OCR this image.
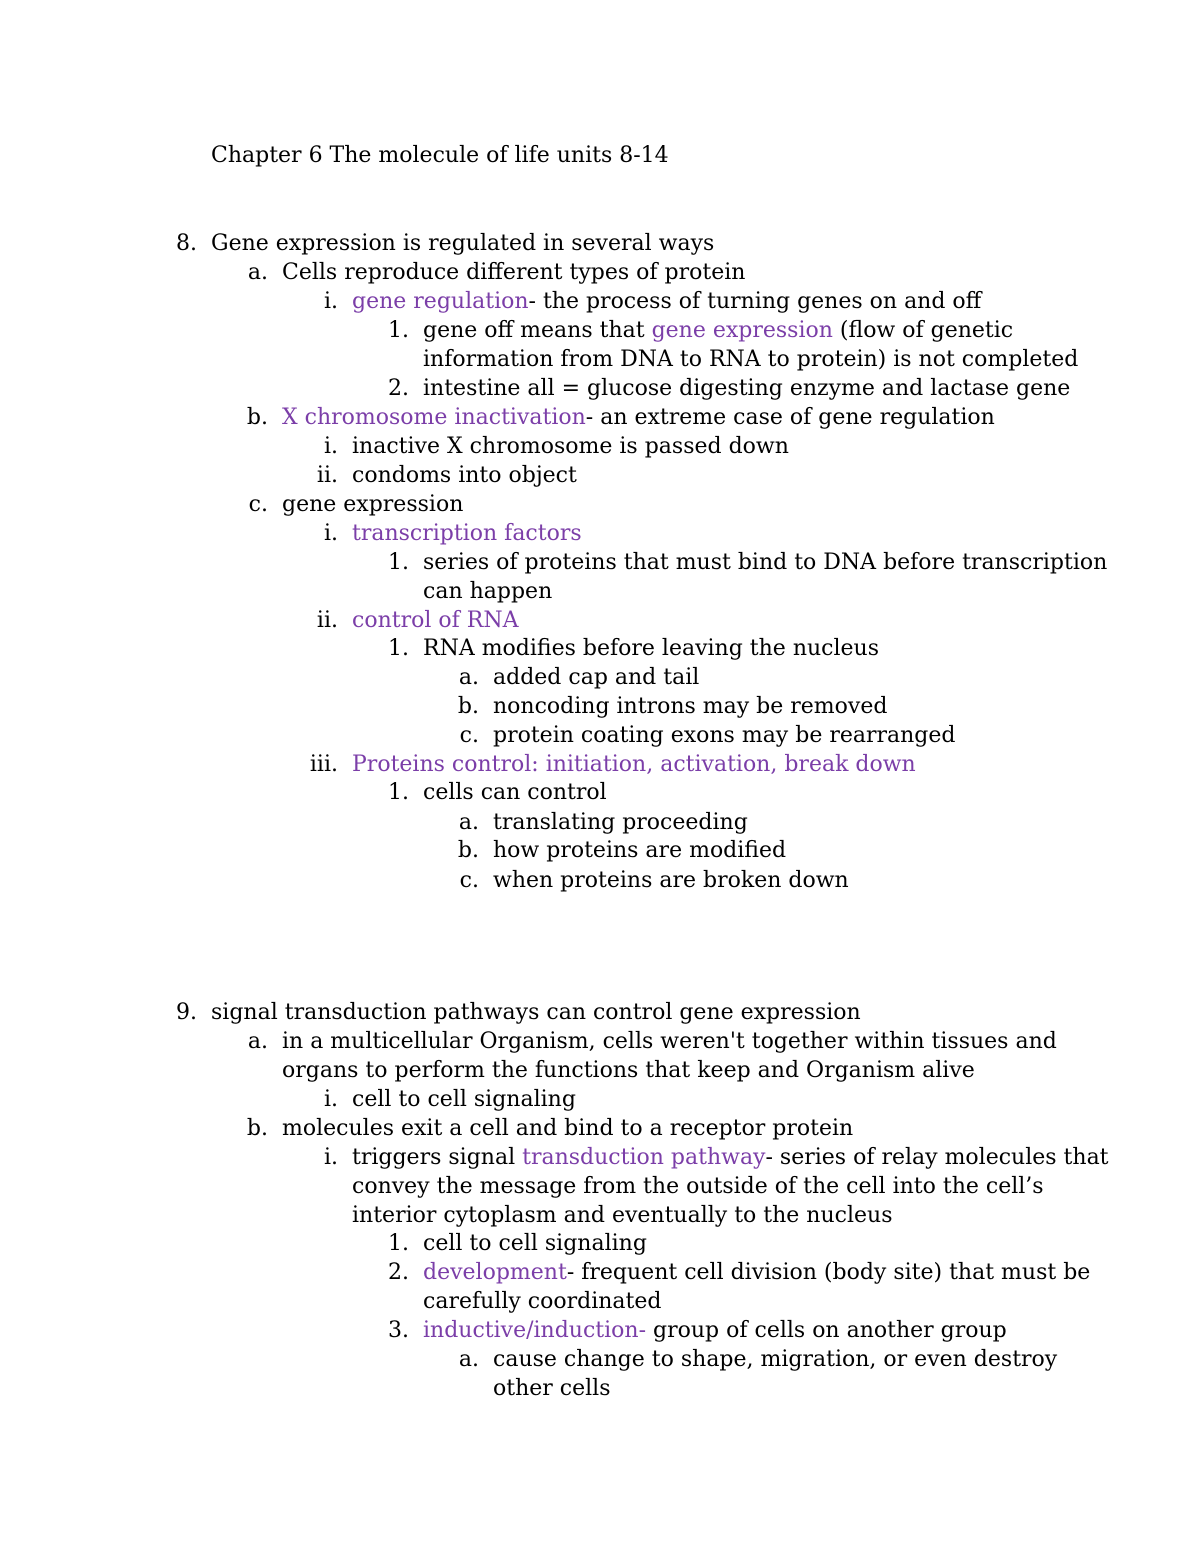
Chapter 6 The molecule of life units 8-14
8. Gene expression is regulated in several ways
a. Cells reproduce different types of protein
i. gene regulation- the process of turning genes on and off
1. gene off means that gene expression (flow of genetic
information from DNA to RNA to protein) is not completed
2. intestine all = glucose digesting enzyme and lactase gene
b. X chromosome inactivation- an extreme case of gene regulation
i. inactive X chromosome is passed down
ii. condoms into object
c. gene expression
i. transcription factors
1. series of proteins that must bind to DNA before transcription
can happen
ii. control of RNA
1. RNA modifies before leaving the nucleus
a. added cap and tail
b. noncoding introns may be removed
c. protein coating exons may be rearranged
iii. Proteins control: initiation, activation, break down
1. cells can control
a. translating proceeding
b. how proteins are modified
c. when proteins are broken down
9. signal transduction pathways can control gene expression
a. in a multicellular Organism, cells weren't together within tissues and
organs to perform the functions that keep and Organism alive
i. cell to cell signaling
b. molecules exit a cell and bind to a receptor protein
i. triggers signal transduction pathway- series of relay molecules that
convey the message from the outside of the cell into the cell’s
interior cytoplasm and eventually to the nucleus
1. cell to cell signaling
2. development- frequent cell division (body site) that must be
carefully coordinated
3. inductive/induction- group of cells on another group
a. cause change to shape, migration, or even destroy
other cells
